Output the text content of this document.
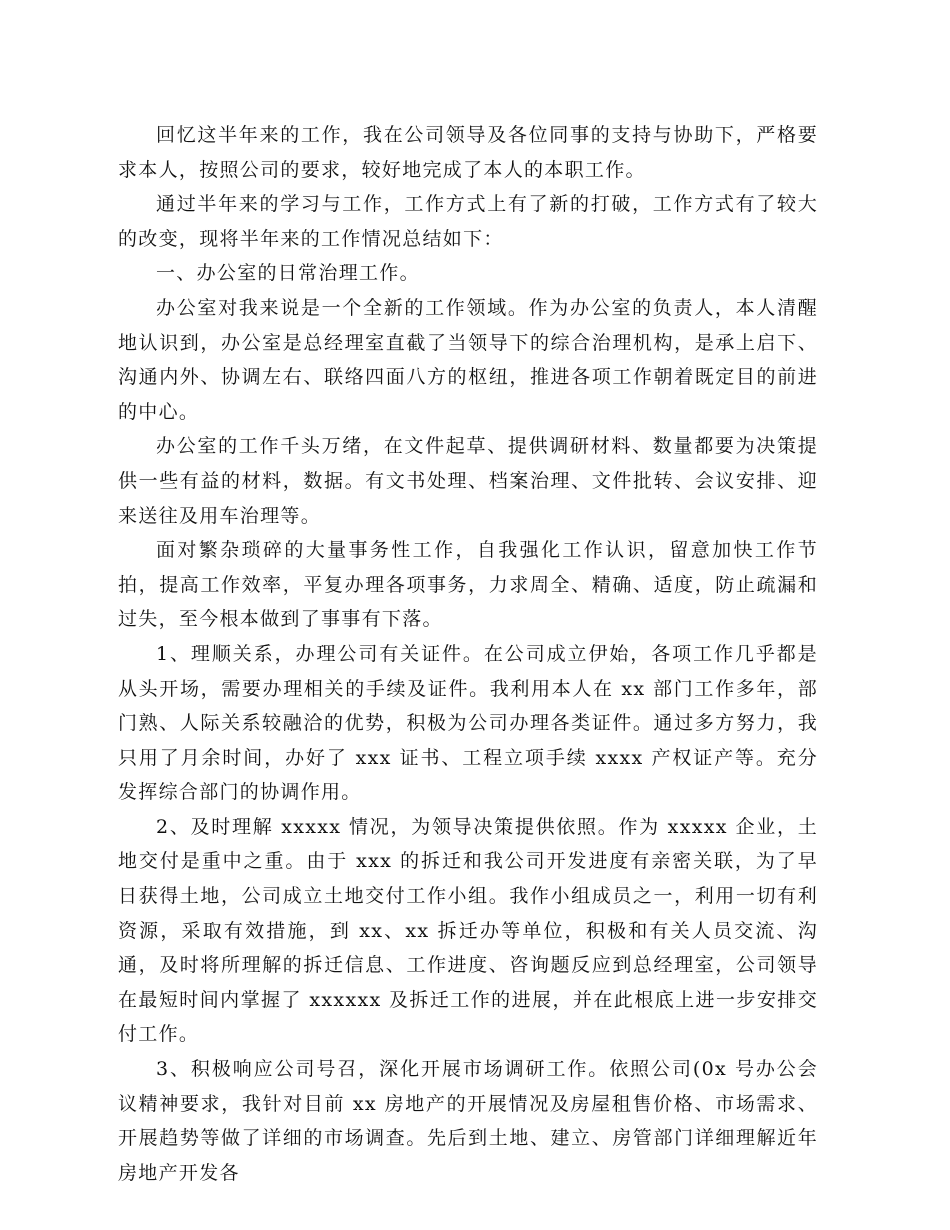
回忆这半年来的工作，我在公司领导及各位同事的支持与协助下，严格要求本人，按照公司的要求，较好地完成了本人的本职工作。

通过半年来的学习与工作，工作方式上有了新的打破，工作方式有了较大的改变，现将半年来的工作情况总结如下：

一、办公室的日常治理工作。

办公室对我来说是一个全新的工作领域。作为办公室的负责人，本人清醒地认识到，办公室是总经理室直截了当领导下的综合治理机构，是承上启下、沟通内外、协调左右、联络四面八方的枢纽，推进各项工作朝着既定目的前进的中心。

办公室的工作千头万绪，在文件起草、提供调研材料、数量都要为决策提供一些有益的材料，数据。有文书处理、档案治理、文件批转、会议安排、迎来送往及用车治理等。

面对繁杂琐碎的大量事务性工作，自我强化工作认识，留意加快工作节拍，提高工作效率，平复办理各项事务，力求周全、精确、适度，防止疏漏和过失，至今根本做到了事事有下落。

1、理顺关系，办理公司有关证件。在公司成立伊始，各项工作几乎都是从头开场，需要办理相关的手续及证件。我利用本人在 xx 部门工作多年，部门熟、人际关系较融洽的优势，积极为公司办理各类证件。通过多方努力，我只用了月余时间，办好了 xxx 证书、工程立项手续 xxxx 产权证产等。充分发挥综合部门的协调作用。

2、及时理解 xxxxx 情况，为领导决策提供依照。作为 xxxxx 企业，土地交付是重中之重。由于 xxx 的拆迁和我公司开发进度有亲密关联，为了早日获得土地，公司成立土地交付工作小组。我作小组成员之一，利用一切有利资源，采取有效措施，到 xx、xx 拆迁办等单位，积极和有关人员交流、沟通，及时将所理解的拆迁信息、工作进度、咨询题反应到总经理室，公司领导在最短时间内掌握了 xxxxxx 及拆迁工作的进展，并在此根底上进一步安排交付工作。

3、积极响应公司号召，深化开展市场调研工作。依照公司(0x 号办公会议精神要求，我针对目前 xx 房地产的开展情况及房屋租售价格、市场需求、开展趋势等做了详细的市场调查。先后到土地、建立、房管部门详细理解近年房地产开发各
